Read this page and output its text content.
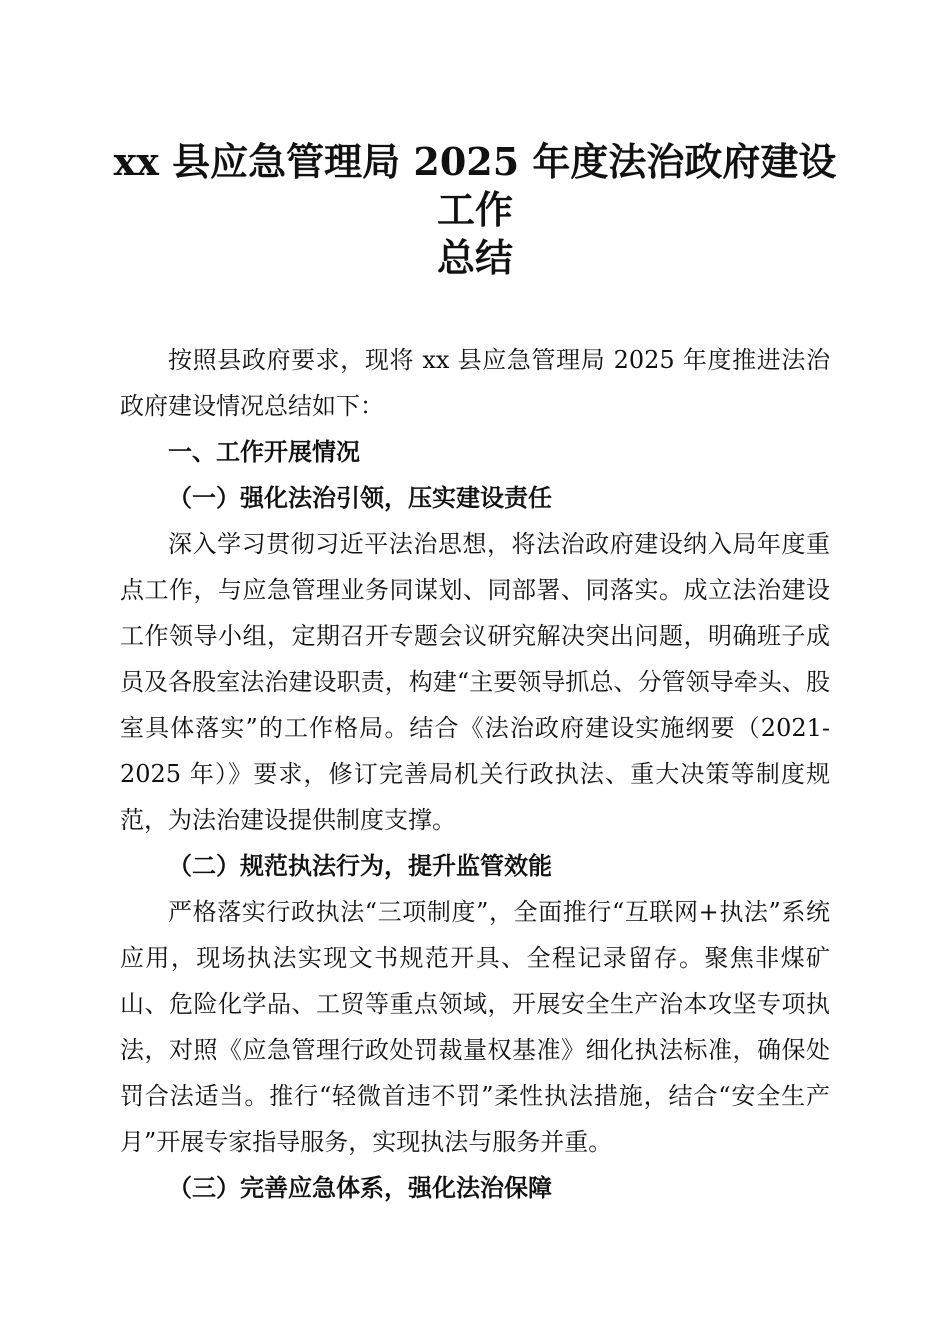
xx 县应急管理局 2025 年度法治政府建设工作
总结

按照县政府要求，现将 xx 县应急管理局 2025 年度推进法治政府建设情况总结如下：

一、工作开展情况

（一）强化法治引领，压实建设责任

深入学习贯彻习近平法治思想，将法治政府建设纳入局年度重点工作，与应急管理业务同谋划、同部署、同落实。成立法治建设工作领导小组，定期召开专题会议研究解决突出问题，明确班子成员及各股室法治建设职责，构建“主要领导抓总、分管领导牵头、股室具体落实”的工作格局。结合《法治政府建设实施纲要（2021-2025 年）》要求，修订完善局机关行政执法、重大决策等制度规范，为法治建设提供制度支撑。

（二）规范执法行为，提升监管效能

严格落实行政执法“三项制度”，全面推行“互联网+执法”系统应用，现场执法实现文书规范开具、全程记录留存。聚焦非煤矿山、危险化学品、工贸等重点领域，开展安全生产治本攻坚专项执法，对照《应急管理行政处罚裁量权基准》细化执法标准，确保处罚合法适当。推行“轻微首违不罚”柔性执法措施，结合“安全生产月”开展专家指导服务，实现执法与服务并重。

（三）完善应急体系，强化法治保障
